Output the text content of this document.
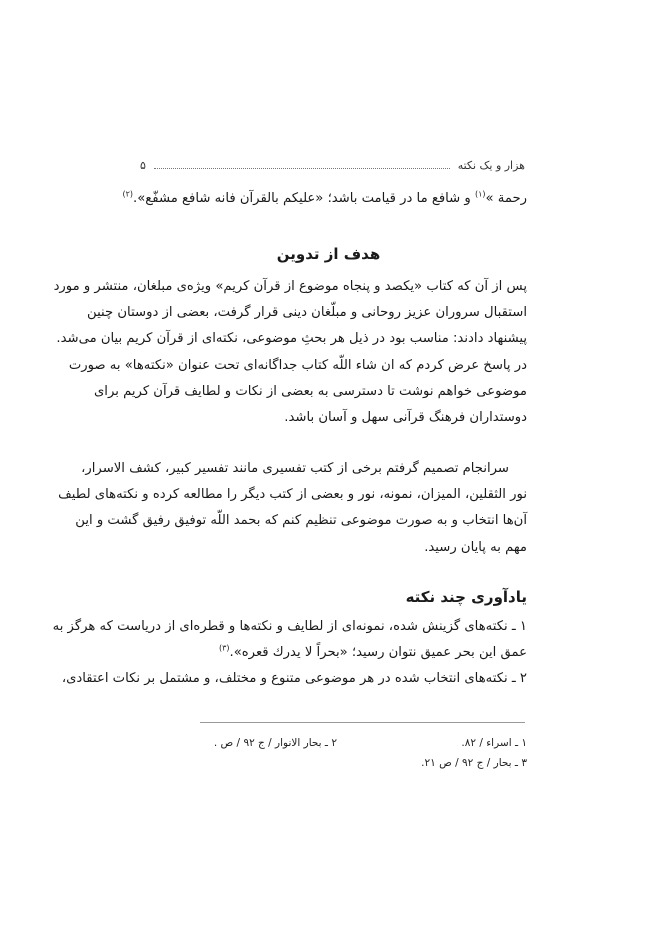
هزار و یک نکته
۵
رحمة »$^{(۱)}$ و شافع ما در قیامت باشد؛ «علیکم بالقرآن فانه شافع مشفّع».$^{(۲)}$
هدف از تدوین
پس از آن که کتاب «یکصد و پنجاه موضوع از قرآن کریم» ویژه‌ی مبلغان، منتشر و مورد
استقبال سروران عزیز روحانی و مبلّغان دینی قرار گرفت، بعضی از دوستان چنین
پیشنهاد دادند: مناسب بود در ذیل هر بحثِ موضوعی، نکته‌ای از قرآن کریم بیان می‌شد.
در پاسخ عرض کردم که ان شاء اللّه کتاب جداگانه‌ای تحت عنوان «نکته‌ها» به صورت
موضوعی خواهم نوشت تا دسترسی به بعضی از نکات و لطایف قرآن کریم برای
دوستداران فرهنگ قرآنی سهل و آسان باشد.
سرانجام تصمیم گرفتم برخی از کتب تفسیری مانند تفسیر کبیر، کشف الاسرار،
نور الثقلین، المیزان، نمونه، نور و بعضی از کتب دیگر را مطالعه کرده و نکته‌های لطیف
آن‌ها انتخاب و به صورت موضوعی تنظیم کنم که بحمد اللّه توفیق رفیق گشت و این
مهم به پایان رسید.
یادآوری چند نکته
۱ ـ نکته‌های گزینش شده، نمونه‌ای از لطایف و نکته‌ها و قطره‌ای از دریاست که هرگز به
عمق این بحر عمیق نتوان رسید؛ «بحراً لا یدرك قعره».$^{(۳)}$
۲ ـ نکته‌های انتخاب شده در هر موضوعی متنوع و مختلف، و مشتمل بر نکات اعتقادی،
۱ ـ اسراء / ۸۲.
۲ ـ بحار الانوار / ج ۹۲ / ص .
۳ ـ بحار / ج ۹۲ / ص ۲۱.
